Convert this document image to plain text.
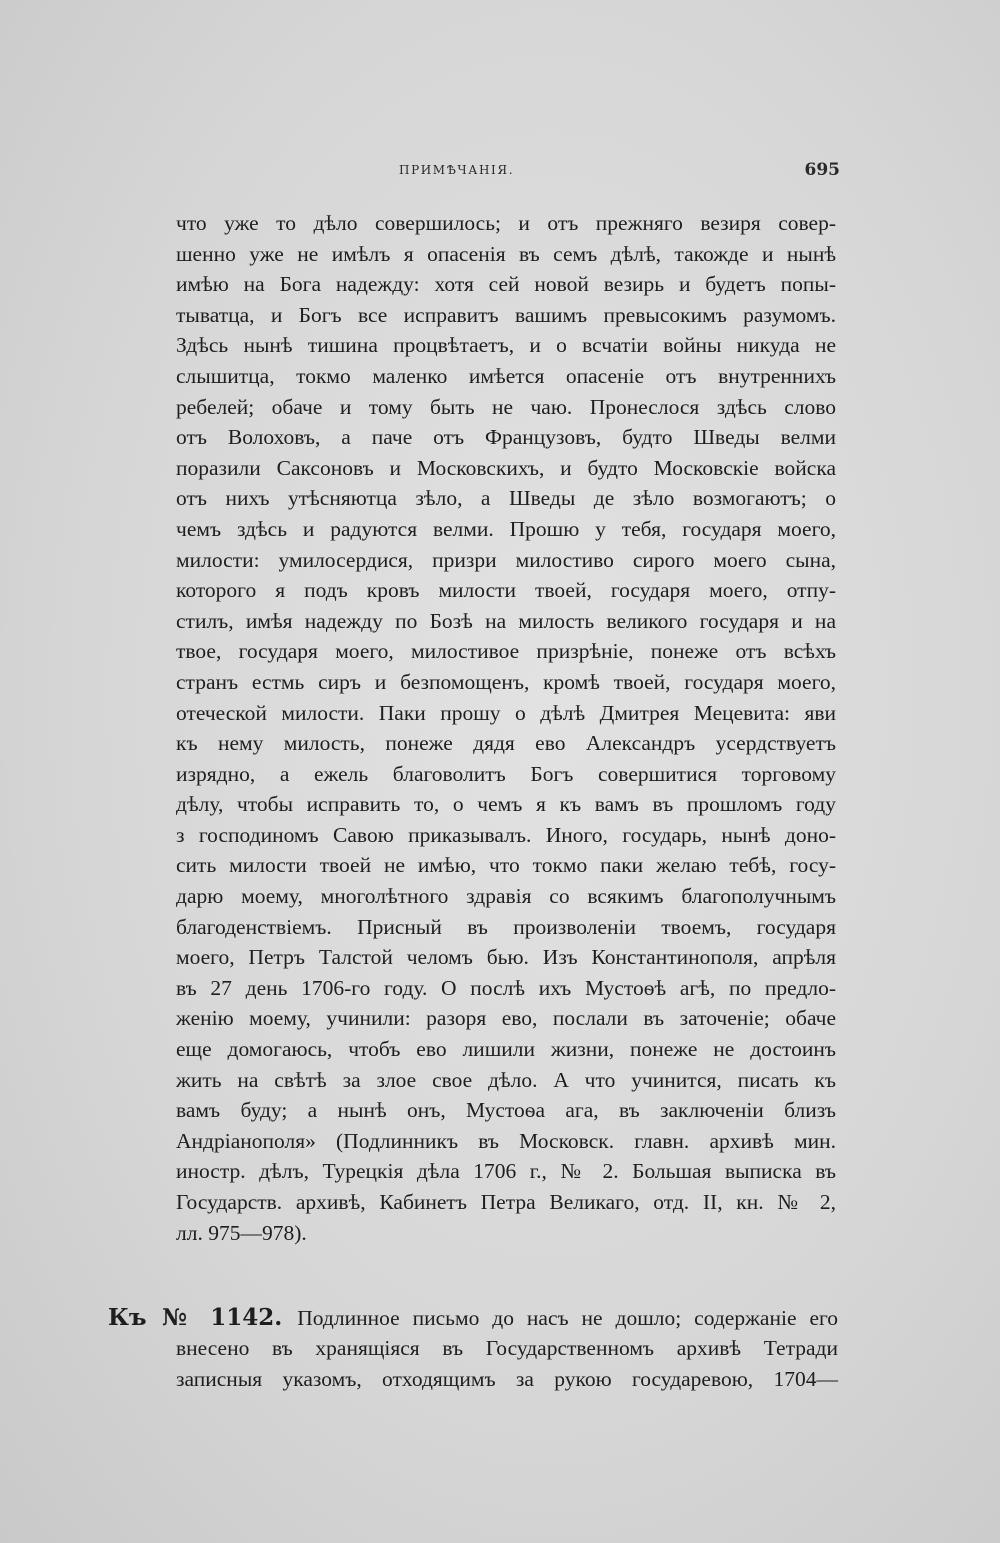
ПРИМѢЧАНІЯ.	695
что уже то дѣло совершилось; и отъ прежняго везиря совер-
шенно уже не имѣлъ я опасенія въ семъ дѣлѣ, такожде и нынѣ
имѣю на Бога надежду: хотя сей новой везирь и будетъ попы-
тыватца, и Богъ все исправитъ вашимъ превысокимъ разумомъ.
Здѣсь нынѣ тишина процвѣтаетъ, и о всчатіи войны никуда не
слышитца, токмо маленко имѣется опасеніе отъ внутреннихъ
ребелей; обаче и тому быть не чаю. Пронеслося здѣсь слово
отъ Волоховъ, а паче отъ Французовъ, будто Шведы велми
поразили Саксоновъ и Московскихъ, и будто Московскіе войска
отъ нихъ утѣсняютца зѣло, а Шведы де зѣло возмогаютъ; о
чемъ здѣсь и радуются велми. Прошю у тебя, государя моего,
милости: умилосердися, призри милостиво сирого моего сына,
которого я подъ кровъ милости твоей, государя моего, отпу-
стилъ, имѣя надежду по Бозѣ на милость великого государя и на
твое, государя моего, милостивое призрѣніе, понеже отъ всѣхъ
странъ естмь сиръ и безпомощенъ, кромѣ твоей, государя моего,
отеческой милости. Паки прошу о дѣлѣ Дмитрея Мецевита: яви
къ нему милость, понеже дядя ево Александръ усердствуетъ
изрядно, а ежель благоволитъ Богъ совершитися торговому
дѣлу, чтобы исправить то, о чемъ я къ вамъ въ прошломъ году
з господиномъ Савою приказывалъ. Иного, государь, нынѣ доно-
сить милости твоей не имѣю, что токмо паки желаю тебѣ, госу-
дарю моему, многолѣтного здравія со всякимъ благополучнымъ
благоденствіемъ. Присный въ произволеніи твоемъ, государя
моего, Петръ Талстой челомъ бью. Изъ Константинополя, апрѣля
въ 27 день 1706-го году. О послѣ ихъ Мустоѳѣ агѣ, по предло-
женію моему, учинили: разоря ево, послали въ заточеніе; обаче
еще домогаюсь, чтобъ ево лишили жизни, понеже не достоинъ
жить на свѣтѣ за злое свое дѣло. А что учинится, писать къ
вамъ буду; а нынѣ онъ, Мустоѳа ага, въ заключеніи близъ
Андріанополя» (Подлинникъ въ Московск. главн. архивѣ мин.
иностр. дѣлъ, Турецкія дѣла 1706 г., № 2. Большая выписка въ
Государств. архивѣ, Кабинетъ Петра Великаго, отд. II, кн. № 2,
лл. 975—978).
Къ № 1142. Подлинное письмо до насъ не дошло; содержаніе его
внесено въ хранящіяся въ Государственномъ архивѣ Тетради
записныя указомъ, отходящимъ за рукою государевою, 1704—
